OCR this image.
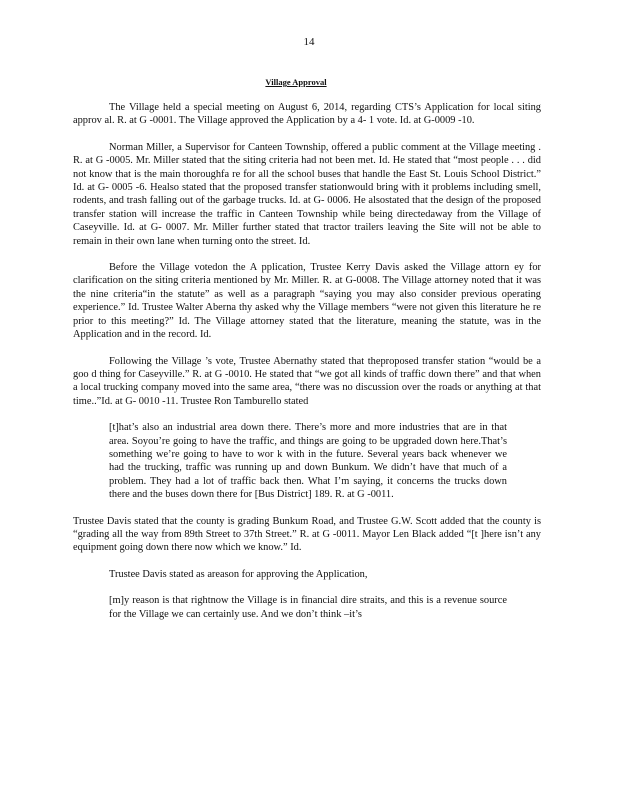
14
Village Approval

The Village held a special meeting on August 6, 2014, regarding CTS’s Application for local siting approv al. R. at G -0001. The Village approved the Application by a 4- 1 vote. Id. at G-0009 -10.

Norman Miller, a Supervisor for Canteen Township, offered a public comment at the Village meeting . R. at G -0005. Mr. Miller stated that the siting criteria had not been met. Id. He stated that “most people . . . did not know that is the main thoroughfa re for all the school buses that handle the East St. Louis School District.” Id. at G- 0005 -6. Healso stated that the proposed transfer stationwould bring with it problems including smell, rodents, and trash falling out of the garbage trucks. Id. at G- 0006. He alsostated that the design of the proposed transfer station will increase the traffic in Canteen Township while being directedaway from the Village of Caseyville. Id. at G- 0007. Mr. Miller further stated that tractor trailers leaving the Site will not be able to remain in their own lane when turning onto the street. Id.

Before the Village votedon the A pplication, Trustee Kerry Davis asked the Village attorn ey for clarification on the siting criteria mentioned by Mr. Miller. R. at G-0008. The Village attorney noted that it was the nine criteria“in the statute” as well as a paragraph “saying you may also consider previous operating experience.” Id. Trustee Walter Aberna thy asked why the Village members “were not given this literature he re prior to this meeting?” Id. The Village attorney stated that the literature, meaning the statute, was in the Application and in the record. Id.

Following the Village ’s vote, Trustee Abernathy stated that theproposed transfer station “would be a goo d thing for Caseyville.” R. at G -0010. He stated that “we got all kinds of traffic down there” and that when a local trucking company moved into the same area, “there was no discussion over the roads or anything at that time..”Id. at G- 0010 -11. Trustee Ron Tamburello stated

[t]hat’s also an industrial area down there. There’s more and more industries that are in that area. Soyou’re going to have the traffic, and things are going to be upgraded down here.That’s something we’re going to have to wor k with in the future. Several years back whenever we had the trucking, traffic was running up and down Bunkum. We didn’t have that much of a problem. They had a lot of traffic back then. What I’m saying, it concerns the trucks down there and the buses down there for [Bus District] 189. R. at G -0011.

Trustee Davis stated that the county is grading Bunkum Road, and Trustee G.W. Scott added that the county is “grading all the way from 89th Street to 37th Street.” R. at G -0011. Mayor Len Black added “[t ]here isn’t any equipment going down there now which we know.” Id.

Trustee Davis stated as areason for approving the Application,

[m]y reason is that rightnow the Village is in financial dire straits, and this is a revenue source for the Village we can certainly use. And we don’t think –it’s
